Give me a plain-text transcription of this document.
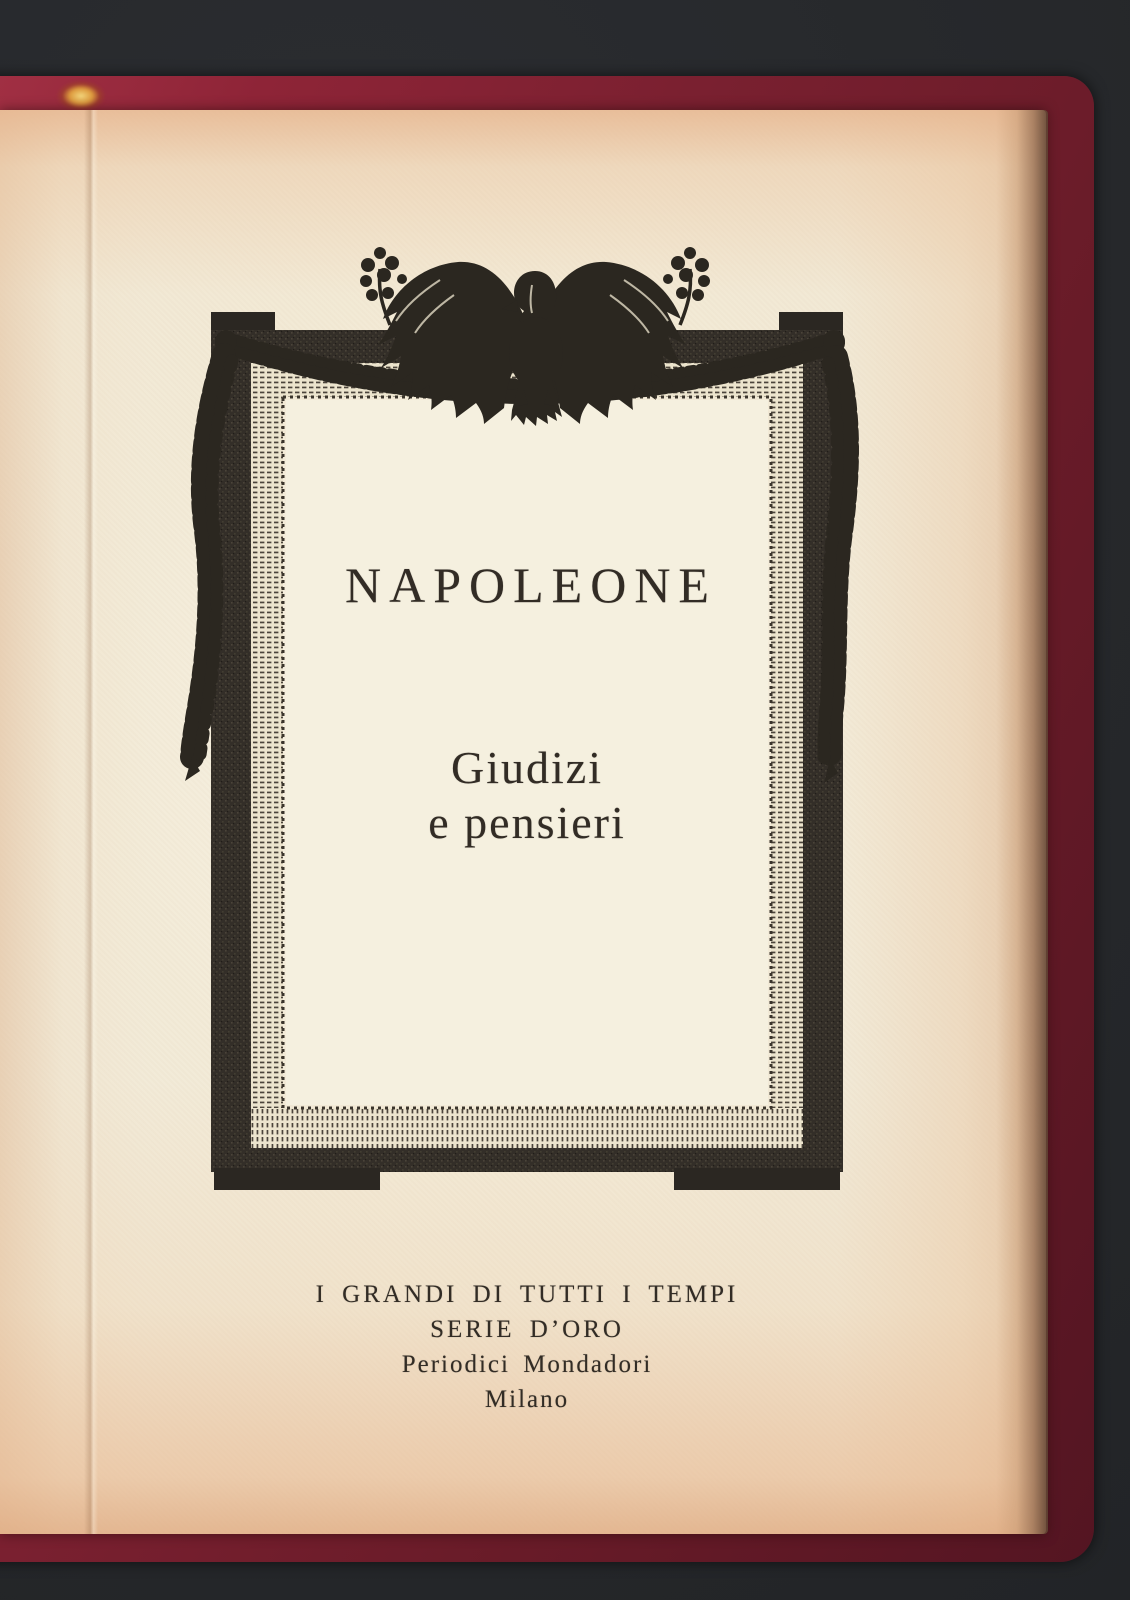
NAPOLEONE
Giudizi
e pensieri
I GRANDI DI TUTTI I TEMPI
SERIE D’ORO
Periodici Mondadori
Milano
